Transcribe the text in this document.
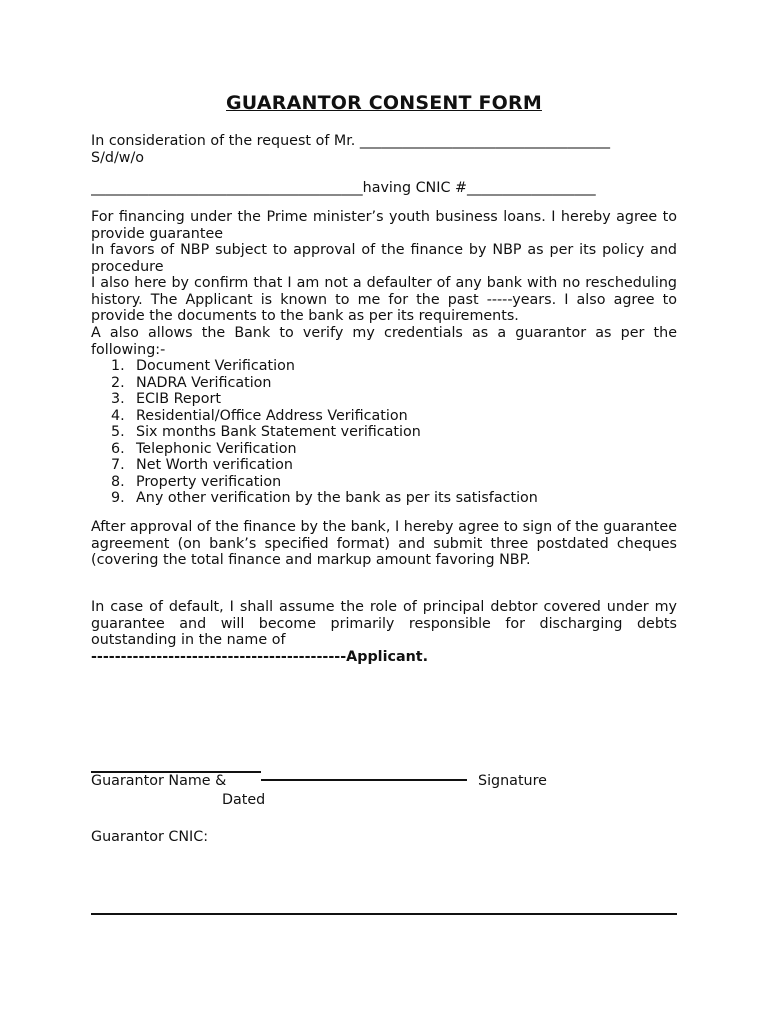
GUARANTOR CONSENT FORM
In consideration of the request of Mr. ___________________________________
S/d/w/o
______________________________________having CNIC #__________________
For financing under the Prime minister’s youth business loans. I hereby agree to provide guarantee
In favors of NBP subject to approval of the finance by NBP as per its policy and procedure
I also here by confirm that I am not a defaulter of any bank with no rescheduling history. The Applicant is known to me for the past -----years. I also agree to provide the documents to the bank as per its requirements.
A also allows the Bank to verify my credentials as a guarantor as per the following:-
1. Document Verification
2. NADRA Verification
3. ECIB Report
4. Residential/Office Address Verification
5. Six months Bank Statement verification
6. Telephonic Verification
7. Net Worth verification
8. Property verification
9. Any other verification by the bank as per its satisfaction
After approval of the finance by the bank, I hereby agree to sign of the guarantee agreement (on bank’s specified format) and submit three postdated cheques (covering the total finance and markup amount favoring NBP.
In case of default, I shall assume the role of principal debtor covered under my guarantee and will become primarily responsible for discharging debts outstanding in the name of
-------------------------------------------Applicant.
Guarantor Name &	Signature
Dated
Guarantor CNIC:
